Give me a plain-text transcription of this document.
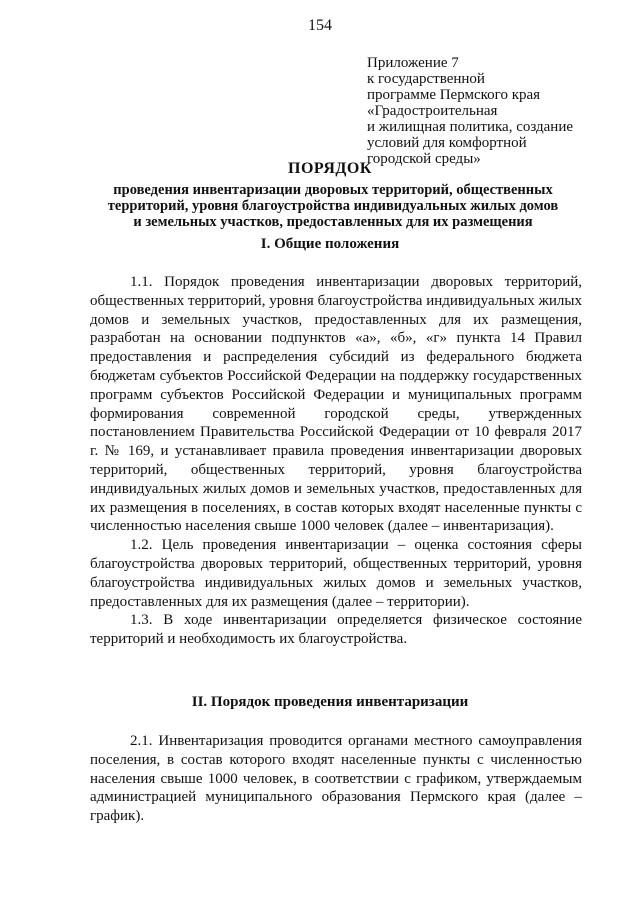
154
Приложение 7
к государственной
программе Пермского края
«Градостроительная
и жилищная политика, создание
условий для комфортной
городской среды»
ПОРЯДОК
проведения инвентаризации дворовых территорий, общественных
территорий, уровня благоустройства индивидуальных жилых домов
и земельных участков, предоставленных для их размещения
I. Общие положения

1.1. Порядок проведения инвентаризации дворовых территорий, общественных территорий, уровня благоустройства индивидуальных жилых домов и земельных участков, предоставленных для их размещения, разработан на основании подпунктов «а», «б», «г» пункта 14 Правил предоставления и распределения субсидий из федерального бюджета бюджетам субъектов Российской Федерации на поддержку государственных программ субъектов Российской Федерации и муниципальных программ формирования современной городской среды, утвержденных постановлением Правительства Российской Федерации от 10 февраля 2017 г. № 169, и устанавливает правила проведения инвентаризации дворовых территорий, общественных территорий, уровня благоустройства индивидуальных жилых домов и земельных участков, предоставленных для их размещения в поселениях, в состав которых входят населенные пункты с численностью населения свыше 1000 человек (далее – инвентаризация).

1.2. Цель проведения инвентаризации – оценка состояния сферы благоустройства дворовых территорий, общественных территорий, уровня благоустройства индивидуальных жилых домов и земельных участков, предоставленных для их размещения (далее – территории).

1.3. В ходе инвентаризации определяется физическое состояние территорий и необходимость их благоустройства.

II. Порядок проведения инвентаризации

2.1. Инвентаризация проводится органами местного самоуправления поселения, в состав которого входят населенные пункты с численностью населения свыше 1000 человек, в соответствии с графиком, утверждаемым администрацией муниципального образования Пермского края (далее – график).
